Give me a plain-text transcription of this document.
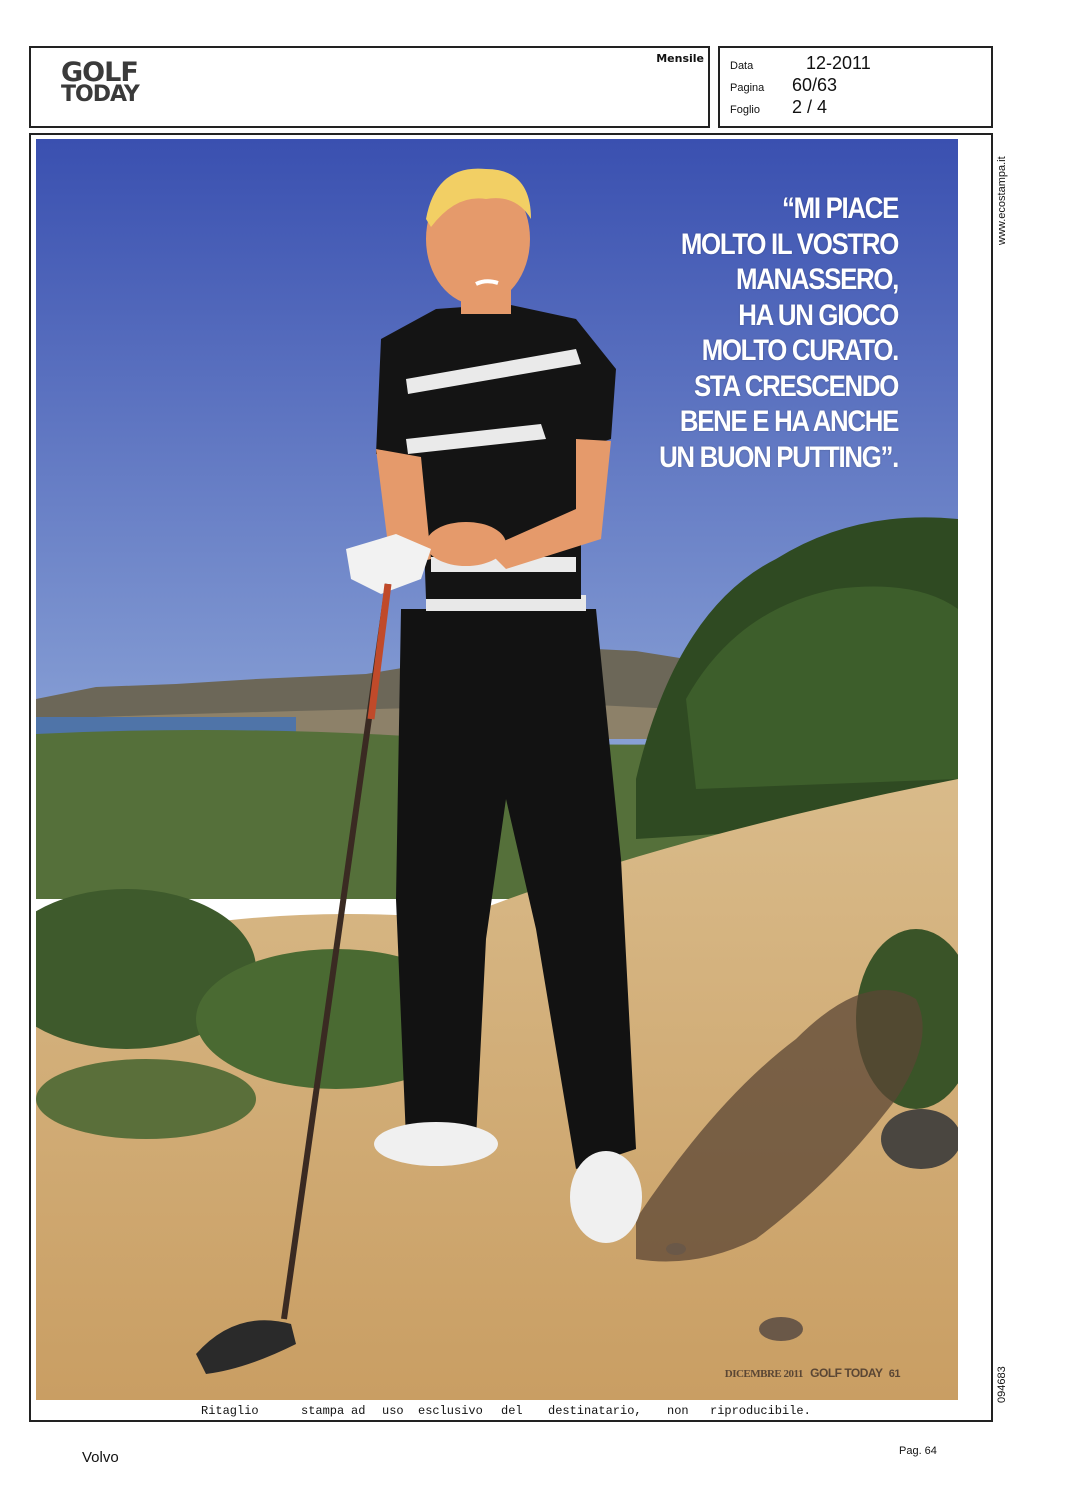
GOLF
TODAY
Mensile
Data	12-2011
Pagina 60/63
Foglio 2 / 4
“MI PIACE
MOLTO IL VOSTRO
MANASSERO,
HA UN GIOCO
MOLTO CURATO.
STA CRESCENDO
BENE E HA ANCHE
UN BUON PUTTING”.
DICEMBRE 2011 GOLF TODAY 61
Ritaglio	stampa ad uso esclusivo del destinatario, non riproducibile.
www.ecostampa.it
094683
Volvo	Pag. 64
